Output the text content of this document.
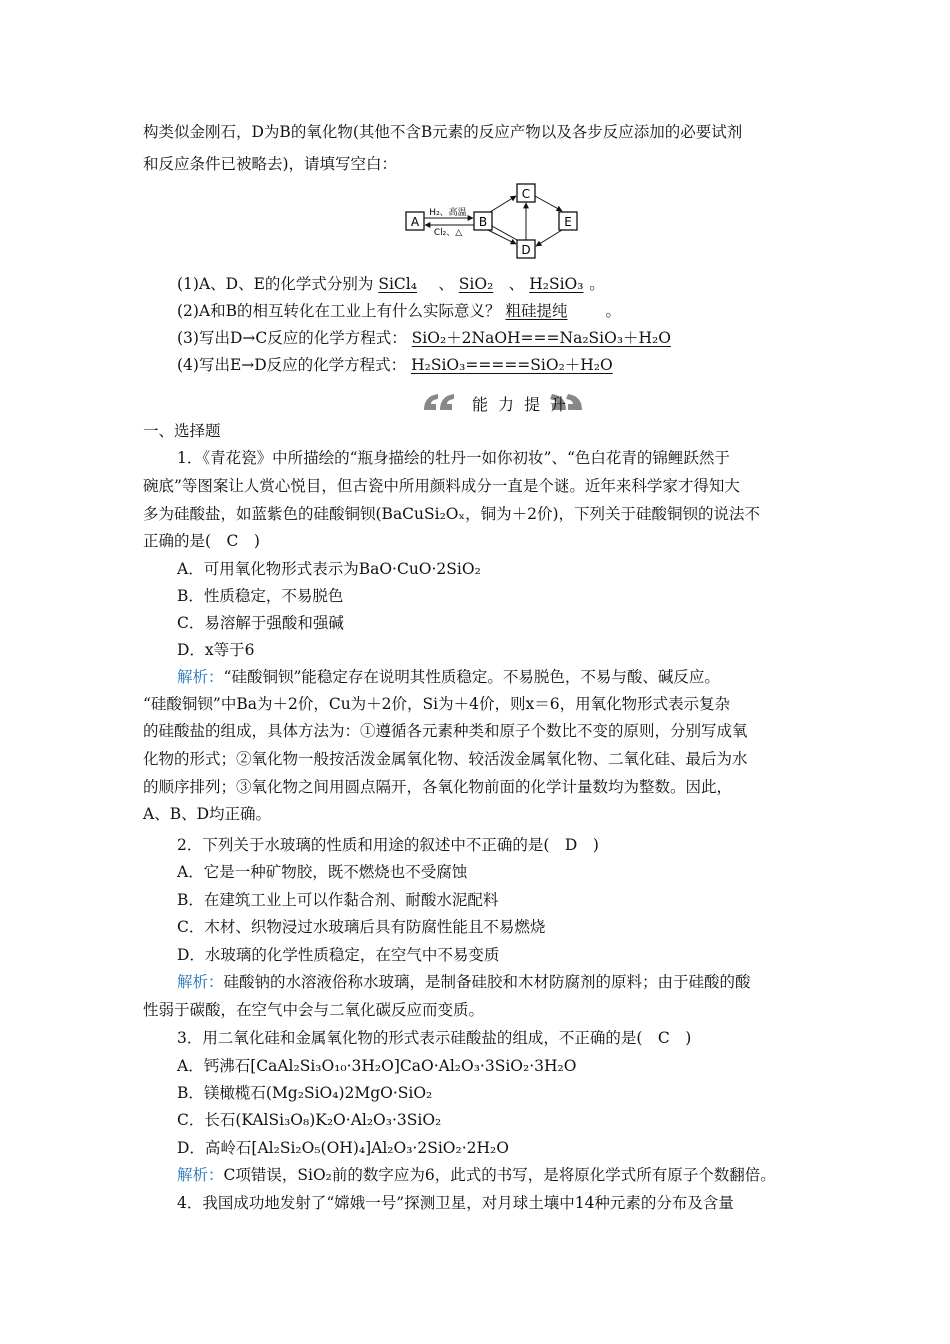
构类似金刚石，D为B的氧化物(其他不含B元素的反应产物以及各步反应添加的必要试剂
和反应条件已被略去)，请填写空白：
A	B
C
D
E
H₂、高温
Cl₂、△
(1)A、D、E的化学式分别为 SiCl₄ 、 SiO₂ 、 H₂SiO₃ 。
(2)A和B的相互转化在工业上有什么实际意义？ 粗硅提纯 。
(3)写出D→C反应的化学方程式： SiO₂＋2NaOH===Na₂SiO₃＋H₂O
(4)写出E→D反应的化学方程式： H₂SiO₃=====SiO₂＋H₂O
能力提升
一、选择题
1．《青花瓷》中所描绘的“瓶身描绘的牡丹一如你初妆”、“色白花青的锦鲤跃然于
碗底”等图案让人赏心悦目，但古瓷中所用颜料成分一直是个谜。近年来科学家才得知大
多为硅酸盐，如蓝紫色的硅酸铜钡(BaCuSi₂Oₓ，铜为＋2价)，下列关于硅酸铜钡的说法不
正确的是(　C　)
A．可用氧化物形式表示为BaO·CuO·2SiO₂
B．性质稳定，不易脱色
C．易溶解于强酸和强碱
D．x等于6
解析：“硅酸铜钡”能稳定存在说明其性质稳定。不易脱色，不易与酸、碱反应。
“硅酸铜钡”中Ba为＋2价，Cu为＋2价，Si为＋4价，则x＝6，用氧化物形式表示复杂
的硅酸盐的组成，具体方法为：①遵循各元素种类和原子个数比不变的原则，分别写成氧
化物的形式；②氧化物一般按活泼金属氧化物、较活泼金属氧化物、二氧化硅、最后为水
的顺序排列；③氧化物之间用圆点隔开，各氧化物前面的化学计量数均为整数。因此，
A、B、D均正确。
2．下列关于水玻璃的性质和用途的叙述中不正确的是(　D　)
A．它是一种矿物胶，既不燃烧也不受腐蚀
B．在建筑工业上可以作黏合剂、耐酸水泥配料
C．木材、织物浸过水玻璃后具有防腐性能且不易燃烧
D．水玻璃的化学性质稳定，在空气中不易变质
解析：硅酸钠的水溶液俗称水玻璃，是制备硅胶和木材防腐剂的原料；由于硅酸的酸
性弱于碳酸，在空气中会与二氧化碳反应而变质。
3．用二氧化硅和金属氧化物的形式表示硅酸盐的组成，不正确的是(　C　)
A．钙沸石[CaAl₂Si₃O₁₀·3H₂O]CaO·Al₂O₃·3SiO₂·3H₂O
B．镁橄榄石(Mg₂SiO₄)2MgO·SiO₂
C．长石(KAlSi₃O₈)K₂O·Al₂O₃·3SiO₂
D．高岭石[Al₂Si₂O₅(OH)₄]Al₂O₃·2SiO₂·2H₂O
解析：C项错误，SiO₂前的数字应为6，此式的书写，是将原化学式所有原子个数翻倍。
4．我国成功地发射了“嫦娥一号”探测卫星，对月球土壤中14种元素的分布及含量
